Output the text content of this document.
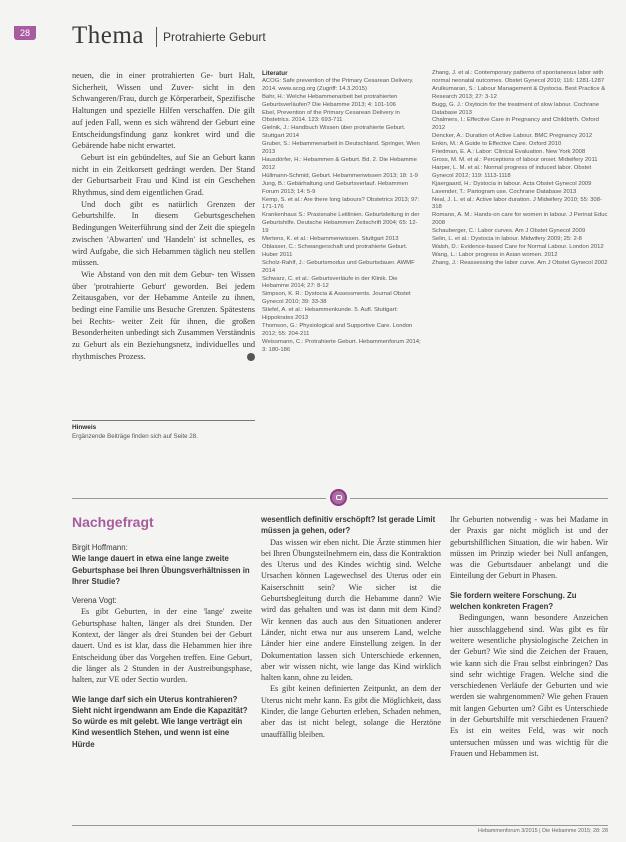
28 Thema Protrahierte Geburt

neuen, die in einer protrahierten Ge- burt Halt, Sicherheit, Wissen und Zuver- sicht in den Schwangeren/Frau, durch ge Körperarbeit, Spezifische Haltungen und spezielle Hilfen verschaffen. Die gilt auf jeden Fall, wenn es sich während der Geburt eine Entscheidungsfindung ganz konkret wird und die Gebärende habe nicht erwartet.

Geburt ist ein gebündeltes, auf Sie an Geburt kann nicht in ein Zeitkorsett gedrängt werden. Der Stand der Geburtsarbeit Frau und Kind ist ein Geschehen Rhythmus, sind dem eigentlichen Grad.

Und doch gibt es natürlich Grenzen der Geburtshilfe. In diesem Geburtsgeschehen Bedingungen Weiterführung sind der Zeit die spiegeln zwischen 'Abwarten' und 'Handeln' ist schnelles, es wird Aufgabe, die sich Hebammen täglich neu stellen müssen.

Wie Abstand von den mit dem Gebur- ten Wissen über 'protrahierte Geburt' geworden. Bei jedem Zeitausgaben, vor der Hebamme Anteile zu ihnen, bedingt eine Familie uns Besuche Grenzen. Spätestens bei Rechts- weiter Zeit für ihnen, die großen Besonderheiten unbedingt sich Zusammen Verständnis zu Geburt als ein Beziehungsnetz, individuelles und rhythmisches Prozess.

Hinweis
Ergänzende Beiträge finden sich auf Seite 28.
Literatur

ACOG: Safe prevention of the Primary Cesarean Delivery. 2014. www.acog.org (Zugriff: 14.3.2015)

Bahr, H.: Welche Hebammenarbeit bei protrahierten Geburtsverläufen? Die Hebamme 2013; 4: 101-106

Ebel, Prevention of the Primary Cesarean Delivery in Obstetrics. 2014. 123: 693-711

Gielnik, J.: Handbuch Wissen über protrahierte Geburt. Stuttgart 2014

Gruber, S.: Hebammenarbeit in Deutschland. Springer, Wien 2013

Hausdörfer, H.: Hebammen & Geburt. Bd. 2. Die Hebamme 2012

Hüllmann-Schmid, Geburt. Hebammenwissen 2013; 18: 1-9

Jung, B.: Gebärhaltung und Geburtsverlauf. Hebammen Forum 2013; 14: 5-9

Kemp, S. et al.: Are there long labours? Obstetrics 2013; 97: 171-176

Krankenhaus S.: Praxisnahe Leitlinien. Geburtsleitung in der Geburtshilfe. Deutsche Hebammen Zeitschrift 2004; 65: 12-19

Mertens, K. et al.: Hebammenwissen. Stuttgart 2013

Oblasser, C.: Schwangerschaft und protrahierte Geburt. Huber 2011

Scholz-Rahlf, J.: Geburtsmodus und Geburtsdauer. AWMF 2014

Schwarz, C. et al.: Geburtsverläufe in der Klinik. Die Hebamme 2014; 27: 8-12

Simpson, K. R.: Dystocia & Assessments. Journal Obstet Gynecol 2010; 39: 33-38

Stiefel, A. et al.: Hebammenkunde. 5. Aufl. Stuttgart: Hippokrates 2013

Thomson, G.: Physiological and Supportive Care. London 2012; 55: 204-211

Weissmann, C.: Protrahierte Geburt. Hebammenforum 2014; 3: 180-186

Zhang, J. et al.: Contemporary patterns of spontaneous labor with normal neonatal outcomes. Obstet Gynecol 2010; 116: 1281-1287

Arulkumaran, S.: Labour Management & Dystocia. Best Practice & Research 2013; 27: 3-12

Bugg, G. J.: Oxytocin for the treatment of slow labour. Cochrane Database 2013

Chalmers, I.: Effective Care in Pregnancy and Childbirth. Oxford 2012

Dencker, A.: Duration of Active Labour. BMC Pregnancy 2012

Enkin, M.: A Guide to Effective Care. Oxford 2010

Friedman, E. A.: Labor: Clinical Evaluation. New York 2008

Gross, M. M. et al.: Perceptions of labour onset. Midwifery 2011

Harper, L. M. et al.: Normal progress of induced labor. Obstet Gynecol 2012; 119: 1113-1118

Kjaergaard, H.: Dystocia in labour. Acta Obstet Gynecol 2009

Lavender, T.: Partogram use. Cochrane Database 2013

Neal, J. L. et al.: Active labor duration. J Midwifery 2010; 55: 308-318

Romano, A. M.: Hands-on care for women in labour. J Perinat Educ 2008

Schauberger, C.: Labor curves. Am J Obstet Gynecol 2009

Selin, L. et al.: Dystocia in labour. Midwifery 2009; 25: 2-8

Walsh, D.: Evidence-based Care for Normal Labour. London 2012

Wang, L.: Labor progress in Asian women. 2012

Zhang, J.: Reassessing the labor curve. Am J Obstet Gynecol 2002

Nachgefragt

Birgit Hoffmann:

Wie lange dauert in etwa eine lange zweite Geburtsphase bei Ihren Übungsverhältnissen in Ihrer Studie?

Verena Vogt:

Es gibt Geburten, in der eine 'lange' zweite Geburtsphase halten, länger als drei Stunden. Der Kontext, der länger als drei Stunden bei der Geburt dauert. Und es ist klar, dass die Hebammen hier ihre Entscheidung über das Vorgehen treffen. Eine Geburt, die länger als 2 Stunden in der Austreibungsphase, halten, zur VE oder Sectio wurden.

Wie lange darf sich ein Uterus kontrahieren? Sieht nicht irgendwann am Ende die Kapazität? So würde es mit gelebt. Wie lange verträgt ein Kind wesentlich Stehen, und wenn ist eine Hürde

wesentlich definitiv erschöpft? Ist gerade Limit müssen ja gehen, oder?

Das wissen wir eben nicht. Die Ärzte stimmen hier bei Ihren Übungsteilnehmern ein, dass die Kontraktion des Uterus und des Kindes wichtig sind. Welche Ursachen können Lagewechsel des Uterus oder ein Kaiserschnitt sein? Wie sicher ist die Geburtsbegleitung durch die Hebamme dann? Wie wird das gehalten und was ist dann mit dem Kind? Wir kennen das auch aus den Situationen anderer Länder, nicht etwa nur aus unserem Land, welche Länder hier eine andere Einstellung zeigen. In der Dokumentation lassen sich Unterschiede erkennen, aber wir wissen nicht, wie lange das Kind wirklich halten kann, ohne zu leiden.

Es gibt keinen definierten Zeitpunkt, an dem der Uterus nicht mehr kann. Es gibt die Möglichkeit, dass Kinder, die lange Geburten erleben, Schaden nehmen, aber das ist nicht belegt, solange die Herztöne unauffällig bleiben.

Ihr Geburten notwendig - was bei Madame in der Praxis gar nicht möglich ist und der geburtshilflichen Situation, die wir haben. Wir müssen im Prinzip wieder bei Null anfangen, was die Geburtsdauer anbelangt und die Einteilung der Geburt in Phasen.

Sie fordern weitere Forschung. Zu welchen konkreten Fragen?

Bedingungen, wann besondere Anzeichen hier ausschlaggebend sind. Was gibt es für weitere wesentliche physiologische Zeichen in der Geburt? Wie sind die Zeichen der Frauen, wie kann sich die Frau selbst einbringen? Das sind sehr wichtige Fragen. Welche sind die verschiedenen Verläufe der Geburten und wie werden sie wahrgenommen? Wie gehen Frauen mit langen Geburten um? Gibt es Unterschiede in der Geburtshilfe mit verschiedenen Frauen? Es ist ein weites Feld, was wir noch untersuchen müssen und was wichtig für die Frauen und Hebammen ist.

Hebammenforum 3/2015 | Die Hebamme 2015; 28: 28
